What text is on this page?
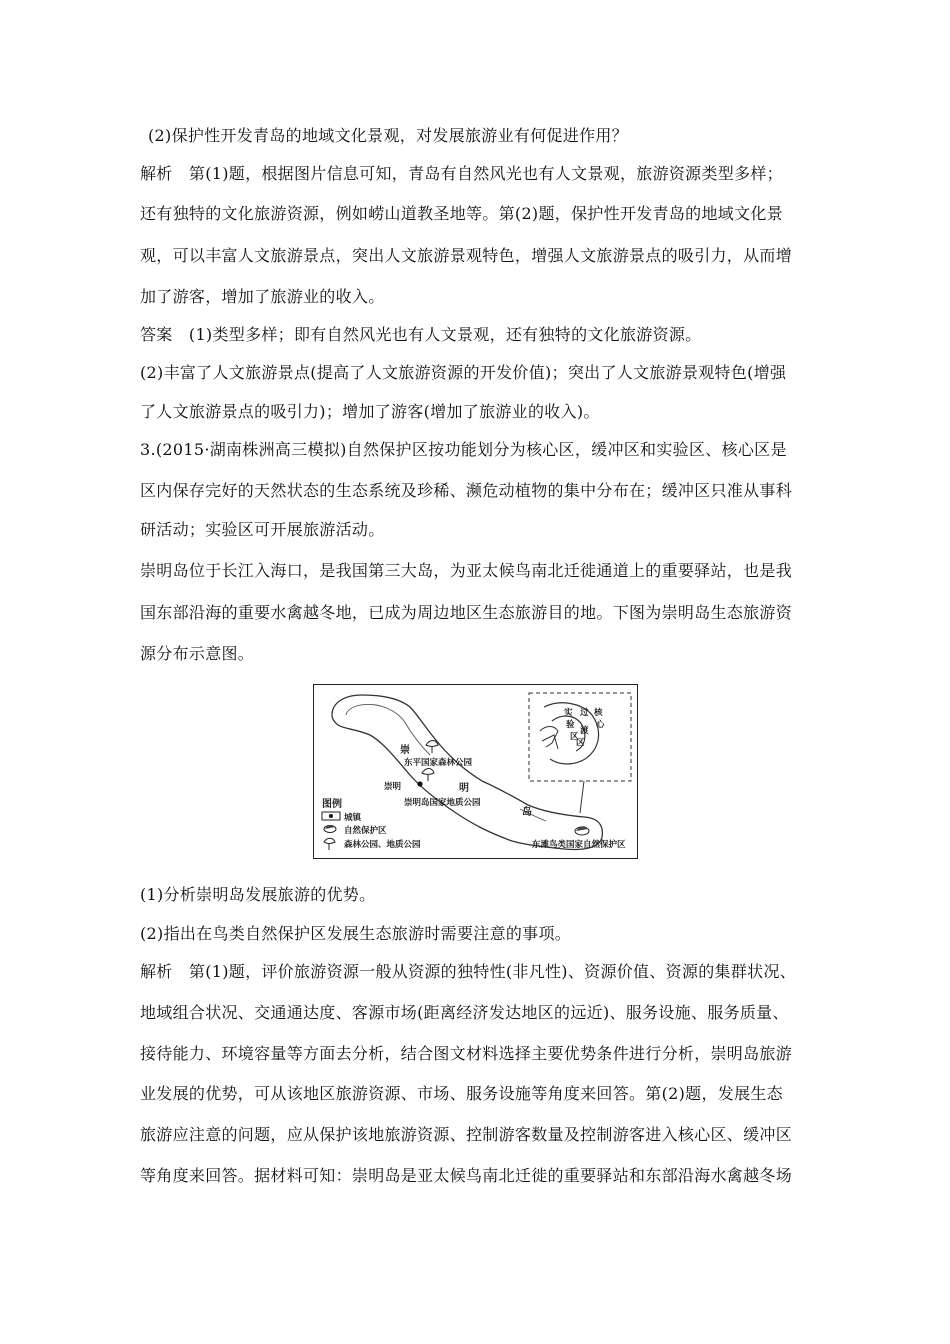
(2)保护性开发青岛的地域文化景观，对发展旅游业有何促进作用？
解析　第(1)题，根据图片信息可知，青岛有自然风光也有人文景观，旅游资源类型多样；
还有独特的文化旅游资源，例如崂山道教圣地等。第(2)题，保护性开发青岛的地域文化景
观，可以丰富人文旅游景点，突出人文旅游景观特色，增强人文旅游景点的吸引力，从而增
加了游客，增加了旅游业的收入。
答案　(1)类型多样；即有自然风光也有人文景观，还有独特的文化旅游资源。
(2)丰富了人文旅游景点(提高了人文旅游资源的开发价值)；突出了人文旅游景观特色(增强
了人文旅游景点的吸引力)；增加了游客(增加了旅游业的收入)。
3.(2015·湖南株洲高三模拟)自然保护区按功能划分为核心区，缓冲区和实验区、核心区是
区内保存完好的天然状态的生态系统及珍稀、濒危动植物的集中分布在；缓冲区只准从事科
研活动；实验区可开展旅游活动。
崇明岛位于长江入海口，是我国第三大岛，为亚太候鸟南北迁徙通道上的重要驿站，也是我
国东部沿海的重要水禽越冬地，已成为周边地区生态旅游目的地。下图为崇明岛生态旅游资
源分布示意图。
实
验
区
过
渡
区
核
心
崇
明
岛
东平国家森林公园
崇明
崇明岛国家地质公园
东滩鸟类国家自然保护区
图例
城镇
自然保护区
森林公园、地质公园
(1)分析崇明岛发展旅游的优势。
(2)指出在鸟类自然保护区发展生态旅游时需要注意的事项。
解析　第(1)题，评价旅游资源一般从资源的独特性(非凡性)、资源价值、资源的集群状况、
地域组合状况、交通通达度、客源市场(距离经济发达地区的远近)、服务设施、服务质量、
接待能力、环境容量等方面去分析，结合图文材料选择主要优势条件进行分析，崇明岛旅游
业发展的优势，可从该地区旅游资源、市场、服务设施等角度来回答。第(2)题，发展生态
旅游应注意的问题，应从保护该地旅游资源、控制游客数量及控制游客进入核心区、缓冲区
等角度来回答。据材料可知：崇明岛是亚太候鸟南北迁徙的重要驿站和东部沿海水禽越冬场
